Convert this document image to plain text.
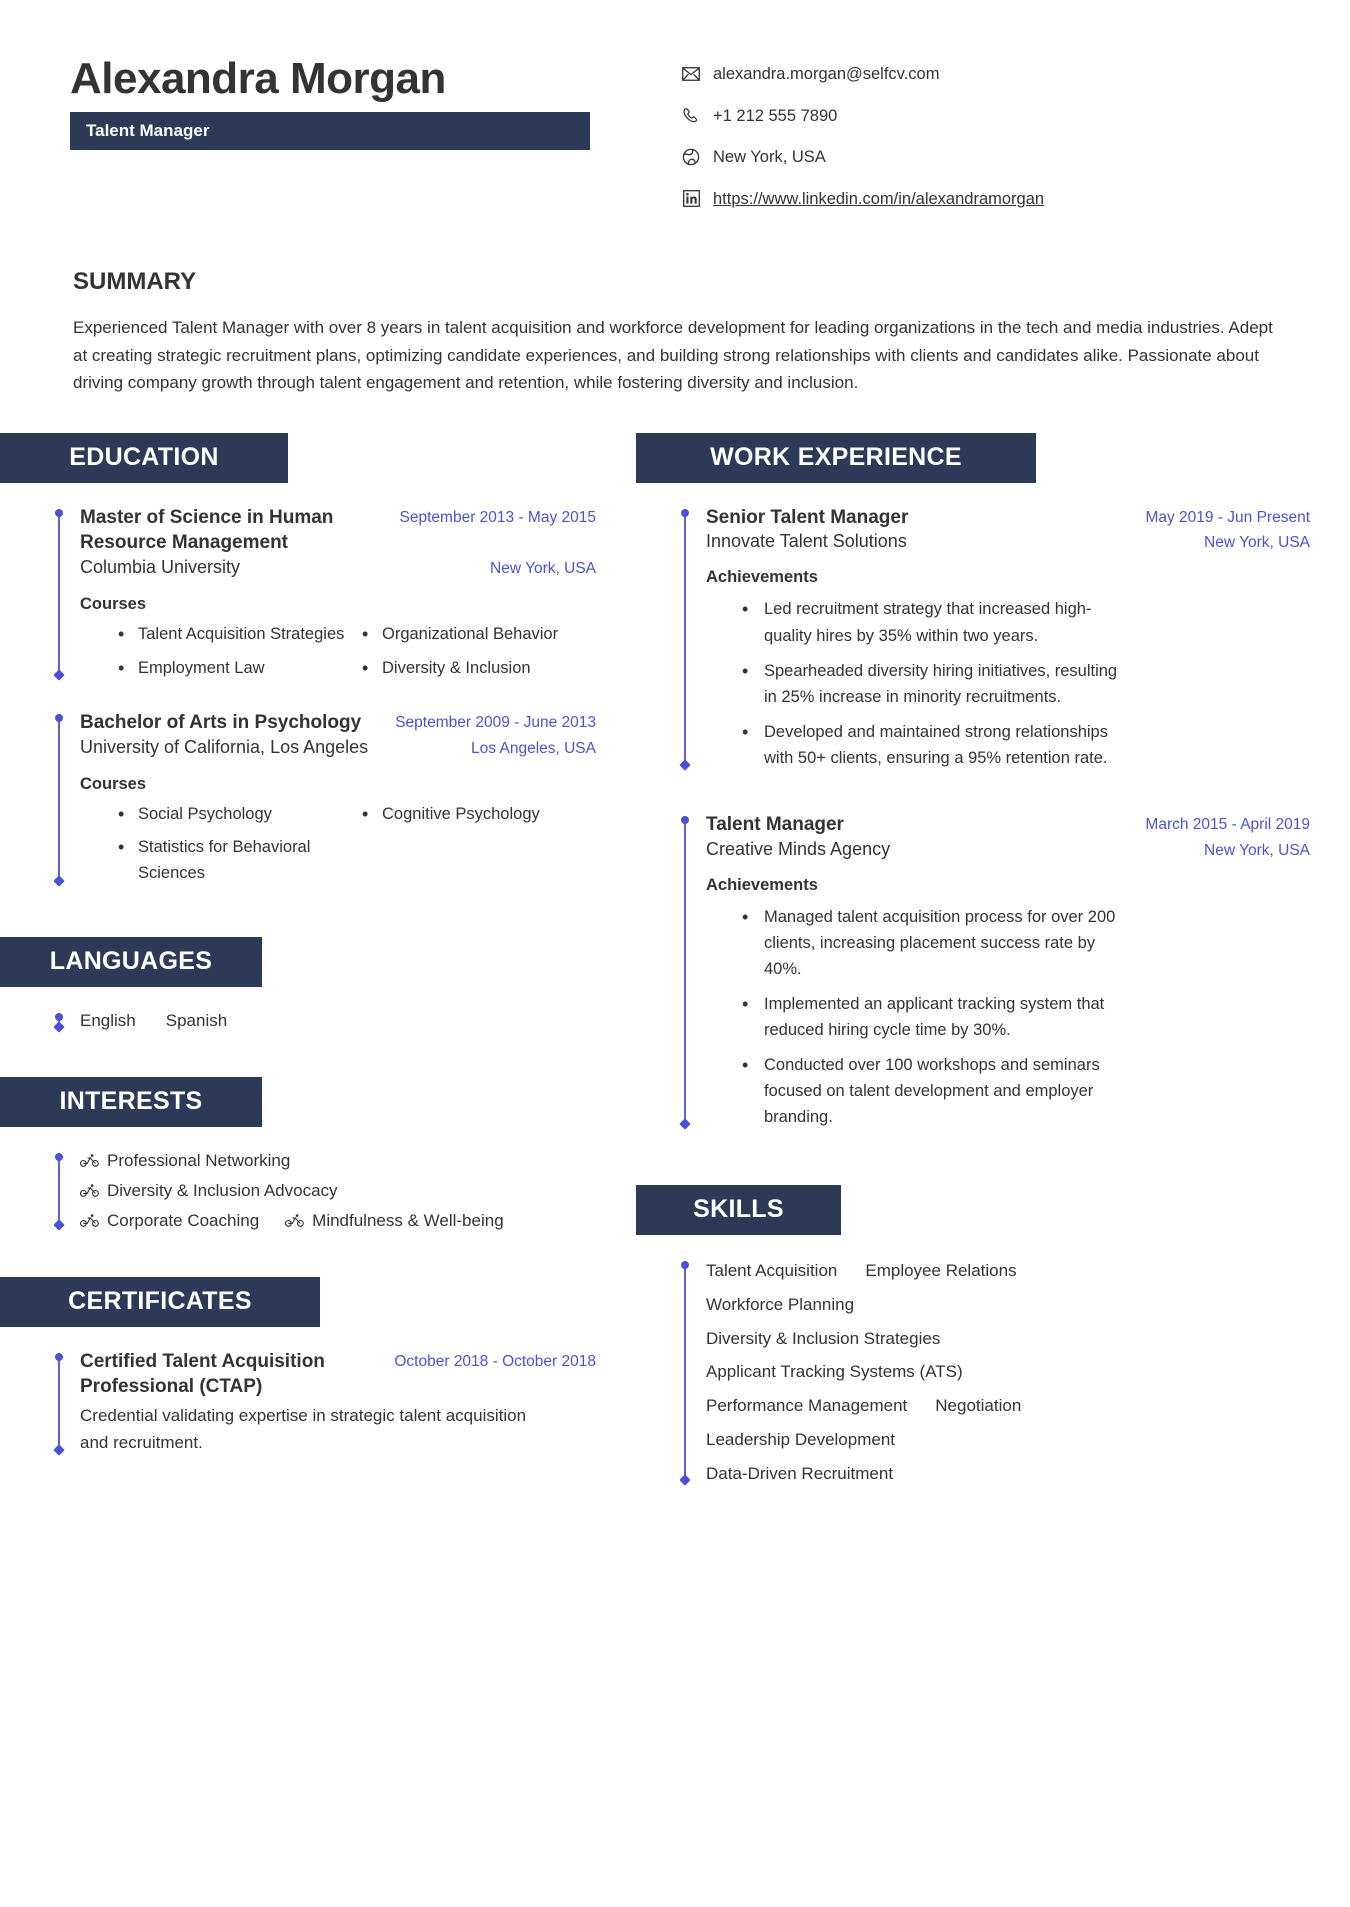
Alexandra Morgan
Talent Manager
alexandra.morgan@selfcv.com
+1 212 555 7890
New York, USA
https://www.linkedin.com/in/alexandramorgan
SUMMARY
Experienced Talent Manager with over 8 years in talent acquisition and workforce development for leading organizations in the tech and media industries. Adept at creating strategic recruitment plans, optimizing candidate experiences, and building strong relationships with clients and candidates alike. Passionate about driving company growth through talent engagement and retention, while fostering diversity and inclusion.
EDUCATION
Master of Science in Human Resource Management
September 2013 - May 2015
Columbia University	New York, USA
Courses
• Talent Acquisition Strategies	• Organizational Behavior
• Employment Law	• Diversity & Inclusion
Bachelor of Arts in Psychology	September 2009 - June 2013
University of California, Los Angeles	Los Angeles, USA
Courses
• Social Psychology	• Cognitive Psychology
• Statistics for Behavioral Sciences
LANGUAGES
English Spanish
INTERESTS
Professional Networking
Diversity & Inclusion Advocacy
Corporate Coaching	Mindfulness & Well-being
CERTIFICATES
Certified Talent Acquisition Professional (CTAP)
October 2018 - October 2018
Credential validating expertise in strategic talent acquisition and recruitment.
WORK EXPERIENCE
Senior Talent Manager	May 2019 - Jun Present
Innovate Talent Solutions	New York, USA
Achievements
• Led recruitment strategy that increased high-quality hires by 35% within two years.
• Spearheaded diversity hiring initiatives, resulting in 25% increase in minority recruitments.
• Developed and maintained strong relationships with 50+ clients, ensuring a 95% retention rate.
Talent Manager	March 2015 - April 2019
Creative Minds Agency	New York, USA
Achievements
• Managed talent acquisition process for over 200 clients, increasing placement success rate by 40%.
• Implemented an applicant tracking system that reduced hiring cycle time by 30%.
• Conducted over 100 workshops and seminars focused on talent development and employer branding.
SKILLS
Talent Acquisition Employee Relations
Workforce Planning
Diversity & Inclusion Strategies
Applicant Tracking Systems (ATS)
Performance Management Negotiation
Leadership Development
Data-Driven Recruitment
